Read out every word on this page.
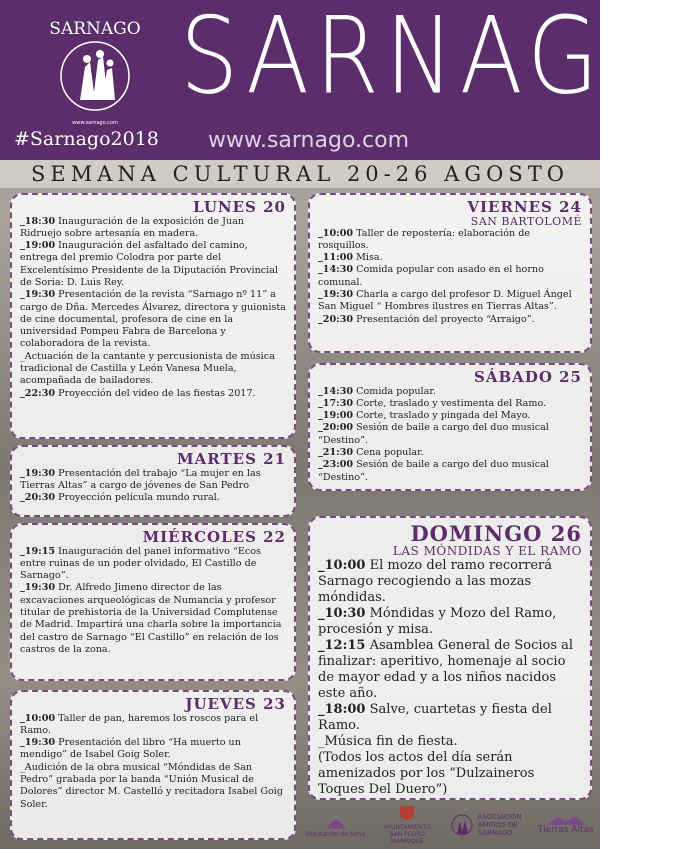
SARNAGO
www.sarnago.com
SARNAGO
#Sarnago2018 www.sarnago.com
SEMANA CULTURAL 20-26 AGOSTO
LUNES 20

_18:30 Inauguración de la exposición de Juan Ridruejo sobre artesanía en madera.

_19:00 Inauguración del asfaltado del camino, entrega del premio Colodra por parte del Excelentísimo Presidente de la Diputación Provincial de Soria: D. Luis Rey.

_19:30 Presentación de la revista “Sarnago nº 11” a cargo de Dña. Mercedes Álvarez, directora y guionista de cine documental, profesora de cine en la universidad Pompeu Fabra de Barcelona y colaboradora de la revista.

_Actuación de la cantante y percusionista de música tradicional de Castilla y León Vanesa Muela, acompañada de bailadores.

_22:30 Proyección del video de las fiestas 2017.

MARTES 21

_19:30 Presentación del trabajo “La mujer en las Tierras Altas” a cargo de jóvenes de San Pedro

_20:30 Proyección película mundo rural.

MIÉRCOLES 22

_19:15 Inauguración del panel informativo “Ecos entre ruinas de un poder olvidado, El Castillo de Sarnago”.

_19:30 Dr. Alfredo Jimeno director de las excavaciones arqueológicas de Numancia y profesor titular de prehistoria de la Universidad Complutense de Madrid. Impartirá una charla sobre la importancia del castro de Sarnago “El Castillo” en relación de los castros de la zona.

JUEVES 23

_10:00 Taller de pan, haremos los roscos para el Ramo.

_19:30 Presentación del libro “Ha muerto un mendigo” de Isabel Goig Soler.

_Audición de la obra musical “Móndidas de San Pedro” grabada por la banda “Unión Musical de Dolores” director M. Castelló y recitadora Isabel Goig Soler.

VIERNES 24
SAN BARTOLOMÉ

_10:00 Taller de repostería: elaboración de rosquillos.

_11:00 Misa.

_14:30 Comida popular con asado en el horno comunal.

_19:30 Charla a cargo del profesor D. Miguel Ángel San Miguel “ Hombres ilustres en Tierras Altas”.

_20:30 Presentación del proyecto “Arraigo”.

SÁBADO 25

_14:30 Comida popular.

_17:30 Corte, traslado y vestimenta del Ramo.

_19:00 Corte, traslado y pingada del Mayo.

_20:00 Sesión de baile a cargo del duo musical “Destino”.

_21:30 Cena popular.

_23:00 Sesión de baile a cargo del duo musical “Destino”.

DOMINGO 26
LAS MÓNDIDAS Y EL RAMO

_10:00 El mozo del ramo recorrerá Sarnago recogiendo a las mozas móndidas.

_10:30 Móndidas y Mozo del Ramo, procesión y misa.

_12:15 Asamblea General de Socios al finalizar: aperitivo, homenaje al socio de mayor edad y a los niños nacidos este año.

_18:00 Salve, cuartetas y fiesta del Ramo.

_Música fin de fiesta.

(Todos los actos del día serán amenizados por los “Dulzaineros Toques Del Duero”)

Diputación de Soria
AYUNTAMIENTO SAN PEDRO MANRIQUE
ASOCIACIÓN AMIGOS DE SARNAGO	Tierras Altas
